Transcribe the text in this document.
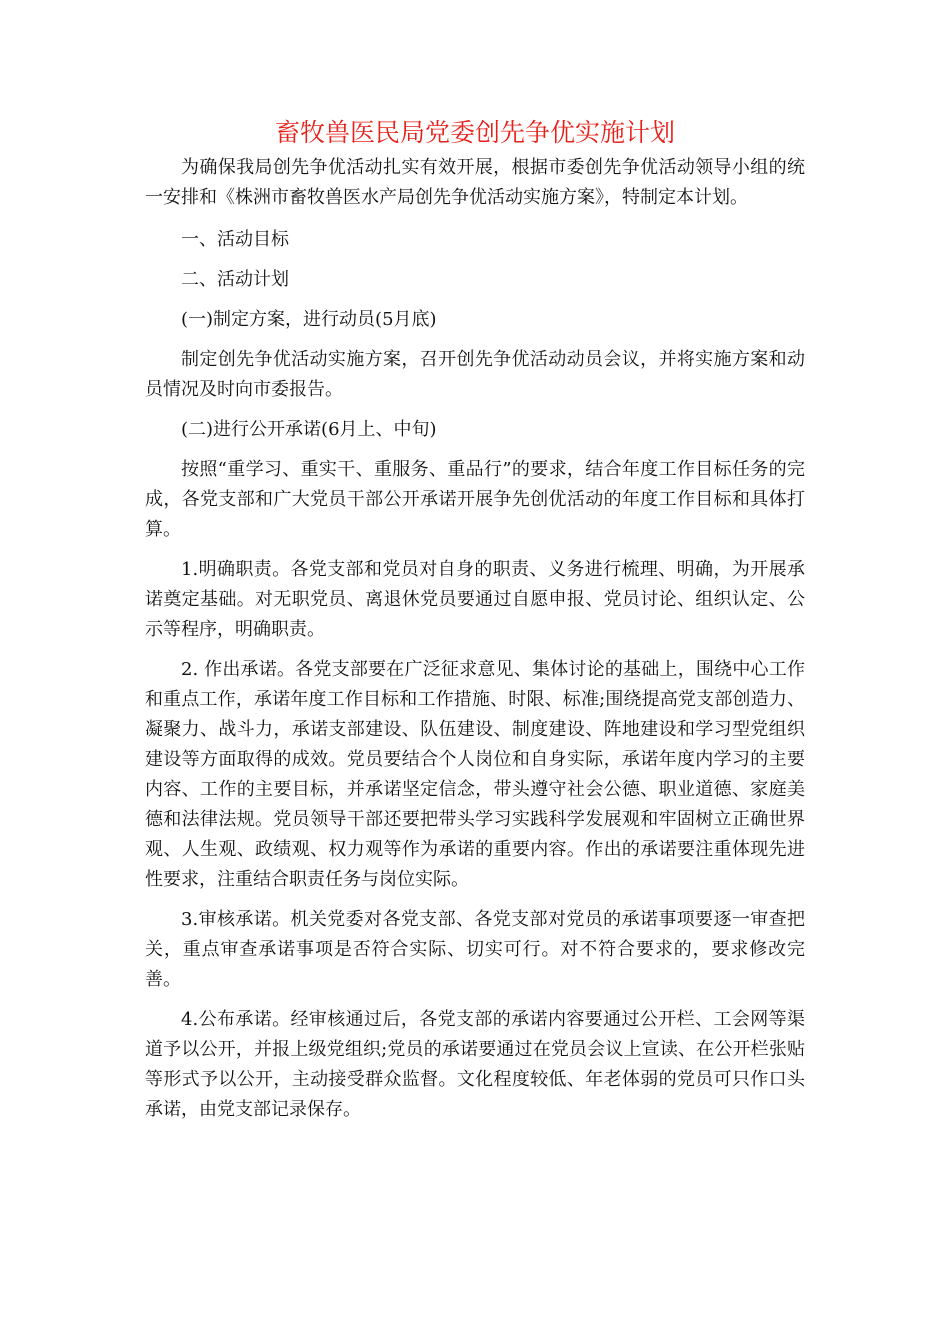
畜牧兽医民局党委创先争优实施计划

为确保我局创先争优活动扎实有效开展，根据市委创先争优活动领导小组的统一安排和《株洲市畜牧兽医水产局创先争优活动实施方案》，特制定本计划。

一、活动目标

二、活动计划

(一)制定方案，进行动员(5月底)

制定创先争优活动实施方案，召开创先争优活动动员会议，并将实施方案和动员情况及时向市委报告。

(二)进行公开承诺(6月上、中旬)

按照“重学习、重实干、重服务、重品行”的要求，结合年度工作目标任务的完成，各党支部和广大党员干部公开承诺开展争先创优活动的年度工作目标和具体打算。

1.明确职责。各党支部和党员对自身的职责、义务进行梳理、明确，为开展承诺奠定基础。对无职党员、离退休党员要通过自愿申报、党员讨论、组织认定、公示等程序，明确职责。

2. 作出承诺。各党支部要在广泛征求意见、集体讨论的基础上，围绕中心工作和重点工作，承诺年度工作目标和工作措施、时限、标准;围绕提高党支部创造力、凝聚力、战斗力，承诺支部建设、队伍建设、制度建设、阵地建设和学习型党组织建设等方面取得的成效。党员要结合个人岗位和自身实际，承诺年度内学习的主要内容、工作的主要目标，并承诺坚定信念，带头遵守社会公德、职业道德、家庭美德和法律法规。党员领导干部还要把带头学习实践科学发展观和牢固树立正确世界观、人生观、政绩观、权力观等作为承诺的重要内容。作出的承诺要注重体现先进性要求，注重结合职责任务与岗位实际。

3.审核承诺。机关党委对各党支部、各党支部对党员的承诺事项要逐一审查把关，重点审查承诺事项是否符合实际、切实可行。对不符合要求的，要求修改完善。

4.公布承诺。经审核通过后，各党支部的承诺内容要通过公开栏、工会网等渠道予以公开，并报上级党组织;党员的承诺要通过在党员会议上宣读、在公开栏张贴等形式予以公开，主动接受群众监督。文化程度较低、年老体弱的党员可只作口头承诺，由党支部记录保存。
